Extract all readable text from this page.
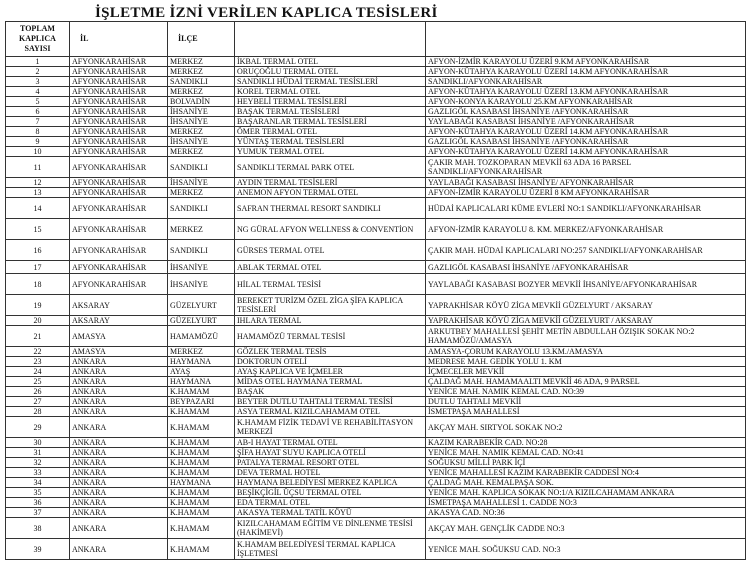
İŞLETME İZNİ VERİLEN KAPLICA TESİSLERİ
TOPLAM KAPLICA SAYISI	İL	İLÇE		
1	AFYONKARAHİSAR	MERKEZ	İKBAL TERMAL OTEL	AFYON-İZMİR KARAYOLU ÜZERİ 9.KM AFYONKARAHİSAR
2	AFYONKARAHİSAR	MERKEZ	ORUÇOĞLU TERMAL OTEL	AFYON-KÜTAHYA KARAYOLU ÜZERİ 14.KM AFYONKARAHİSAR
3	AFYONKARAHİSAR	SANDIKLI	SANDIKLI HÜDAİ TERMAL TESİSLERİ	SANDIKLI/AFYONKARAHİSAR
4	AFYONKARAHİSAR	MERKEZ	KOREL TERMAL OTEL	AFYON-KÜTAHYA KARAYOLU ÜZERİ 13.KM AFYONKARAHİSAR
5	AFYONKARAHİSAR	BOLVADİN	HEYBELİ TERMAL TESİSLERİ	AFYON-KONYA KARAYOLU 25.KM AFYONKARAHİSAR
6	AFYONKARAHİSAR	İHSANİYE	BAŞAK TERMAL TESİSLERİ	GAZLIGÖL KASABASI İHSANİYE /AFYONKARAHİSAR
7	AFYONKARAHİSAR	İHSANİYE	BAŞARANLAR TERMAL TESİSLERİ	YAYLABAĞI KASABASI İHSANİYE /AFYONKARAHİSAR
8	AFYONKARAHİSAR	MERKEZ	ÖMER TERMAL OTEL	AFYON-KÜTAHYA KARAYOLU ÜZERİ 14.KM AFYONKARAHİSAR
9	AFYONKARAHİSAR	İHSANİYE	YÜNTAŞ TERMAL TESİSLERİ	GAZLIGÖL KASABASI İHSANİYE /AFYONKARAHİSAR
10	AFYONKARAHİSAR	MERKEZ	YUMUK TERMAL OTEL	AFYON-KÜTAHYA KARAYOLU ÜZERİ 14.KM AFYONKARAHİSAR
11	AFYONKARAHİSAR	SANDIKLI	SANDIKLI TERMAL PARK OTEL	ÇAKIR MAH. TOZKOPARAN MEVKİİ 63 ADA 16 PARSEL SANDIKLI/AFYONKARAHİSAR
12	AFYONKARAHİSAR	İHSANİYE	AYDIN TERMAL TESİSLERİ	YAYLABAĞI KASABASI İHSANİYE/ AFYONKARAHİSAR
13	AFYONKARAHİSAR	MERKEZ	ANEMON AFYON TERMAL OTEL	AFYON-İZMİR KARAYOLU ÜZERİ 8 KM AFYONKARAHİSAR
14	AFYONKARAHİSAR	SANDIKLI	SAFRAN THERMAL RESORT SANDIKLI	HÜDAİ KAPLICALARI KÜME EVLERİ NO:1 SANDIKLI/AFYONKARAHİSAR
15	AFYONKARAHİSAR	MERKEZ	NG GÜRAL AFYON WELLNESS & CONVENTİON	AFYON-İZMİR KARAYOLU 8. KM. MERKEZ/AFYONKARAHİSAR
16	AFYONKARAHİSAR	SANDIKLI	GÜRSES TERMAL OTEL	ÇAKIR MAH. HÜDAİ KAPLICALARI NO:257 SANDIKLI/AFYONKARAHİSAR
17	AFYONKARAHİSAR	İHSANİYE	ABLAK TERMAL OTEL	GAZLIGÖL KASABASI İHSANİYE /AFYONKARAHİSAR
18	AFYONKARAHİSAR	İHSANİYE	HİLAL TERMAL TESİSİ	YAYLABAĞI KASABASI BOZYER MEVKİİ İHSANİYE/AFYONKARAHİSAR
19	AKSARAY	GÜZELYURT	BEREKET TURİZM ÖZEL ZİGA ŞİFA KAPLICA TESİSLERİ	YAPRAKHİSAR KÖYÜ ZİGA MEVKİİ GÜZELYURT / AKSARAY
20	AKSARAY	GÜZELYURT	IHLARA TERMAL	YAPRAKHİSAR KÖYÜ ZİGA MEVKİİ GÜZELYURT / AKSARAY
21	AMASYA	HAMAMÖZÜ	HAMAMÖZÜ TERMAL TESİSİ	ARKUTBEY MAHALLESİ ŞEHİT METİN ABDULLAH ÖZIŞIK SOKAK NO:2 HAMAMÖZÜ/AMASYA
22	AMASYA	MERKEZ	GÖZLEK TERMAL TESİS	AMASYA-ÇORUM KARAYOLU 13.KM./AMASYA
23	ANKARA	HAYMANA	DOKTORUN OTELİ	MEDRESE MAH. GEDİK YOLU 1. KM
24	ANKARA	AYAŞ	AYAŞ KAPLICA VE İÇMELER	İÇMECELER MEVKİİ
25	ANKARA	HAYMANA	MİDAS OTEL HAYMANA TERMAL	ÇALDAĞ MAH. HAMAMAALTI MEVKİİ 46 ADA, 9 PARSEL
26	ANKARA	K.HAMAM	BAŞAK	YENİCE MAH. NAMIK KEMAL CAD. NO:39
27	ANKARA	BEYPAZARI	BEYTER DUTLU TAHTALI TERMAL TESİSİ	DUTLU TAHTALI MEVKİİ
28	ANKARA	K.HAMAM	ASYA TERMAL KIZILCAHAMAM OTEL	İSMETPAŞA MAHALLESİ
29	ANKARA	K.HAMAM	K.HAMAM FİZİK TEDAVİ VE REHABİLİTASYON MERKEZİ	AKÇAY MAH. SIRTYOL SOKAK NO:2
30	ANKARA	K.HAMAM	AB-I HAYAT TERMAL OTEL	KAZIM KARABEKİR CAD. NO:28
31	ANKARA	K.HAMAM	ŞİFA HAYAT SUYU KAPLICA OTELİ	YENİCE MAH. NAMIK KEMAL CAD. NO:41
32	ANKARA	K.HAMAM	PATALYA TERMAL RESORT OTEL	SOĞUKSU MİLLİ PARK İÇİ
33	ANKARA	K.HAMAM	DEVA TERMAL HOTEL	YENİCE MAHALLESİ KAZIM KARABEKİR CADDESİ NO:4
34	ANKARA	HAYMANA	HAYMANA BELEDİYESİ MERKEZ KAPLICA	ÇALDAĞ MAH. KEMALPAŞA SOK.
35	ANKARA	K.HAMAM	BEŞİKÇİGİL ÜÇSU TERMAL OTEL	YENİCE MAH. KAPLICA SOKAK NO:1/A KIZILCAHAMAM ANKARA
36	ANKARA	K.HAMAM	EDA TERMAL OTEL	İSMETPAŞA MAHALLESİ 1. CADDE NO:3
37	ANKARA	K.HAMAM	AKASYA TERMAL TATİL KÖYÜ	AKASYA CAD. NO:36
38	ANKARA	K.HAMAM	KIZILCAHAMAM EĞİTİM VE DİNLENME TESİSİ (HAKİMEVİ)	AKÇAY MAH. GENÇLİK CADDE NO:3
39	ANKARA	K.HAMAM	K.HAMAM BELEDİYESİ TERMAL KAPLICA İŞLETMESİ	YENİCE MAH. SOĞUKSU CAD. NO:3
